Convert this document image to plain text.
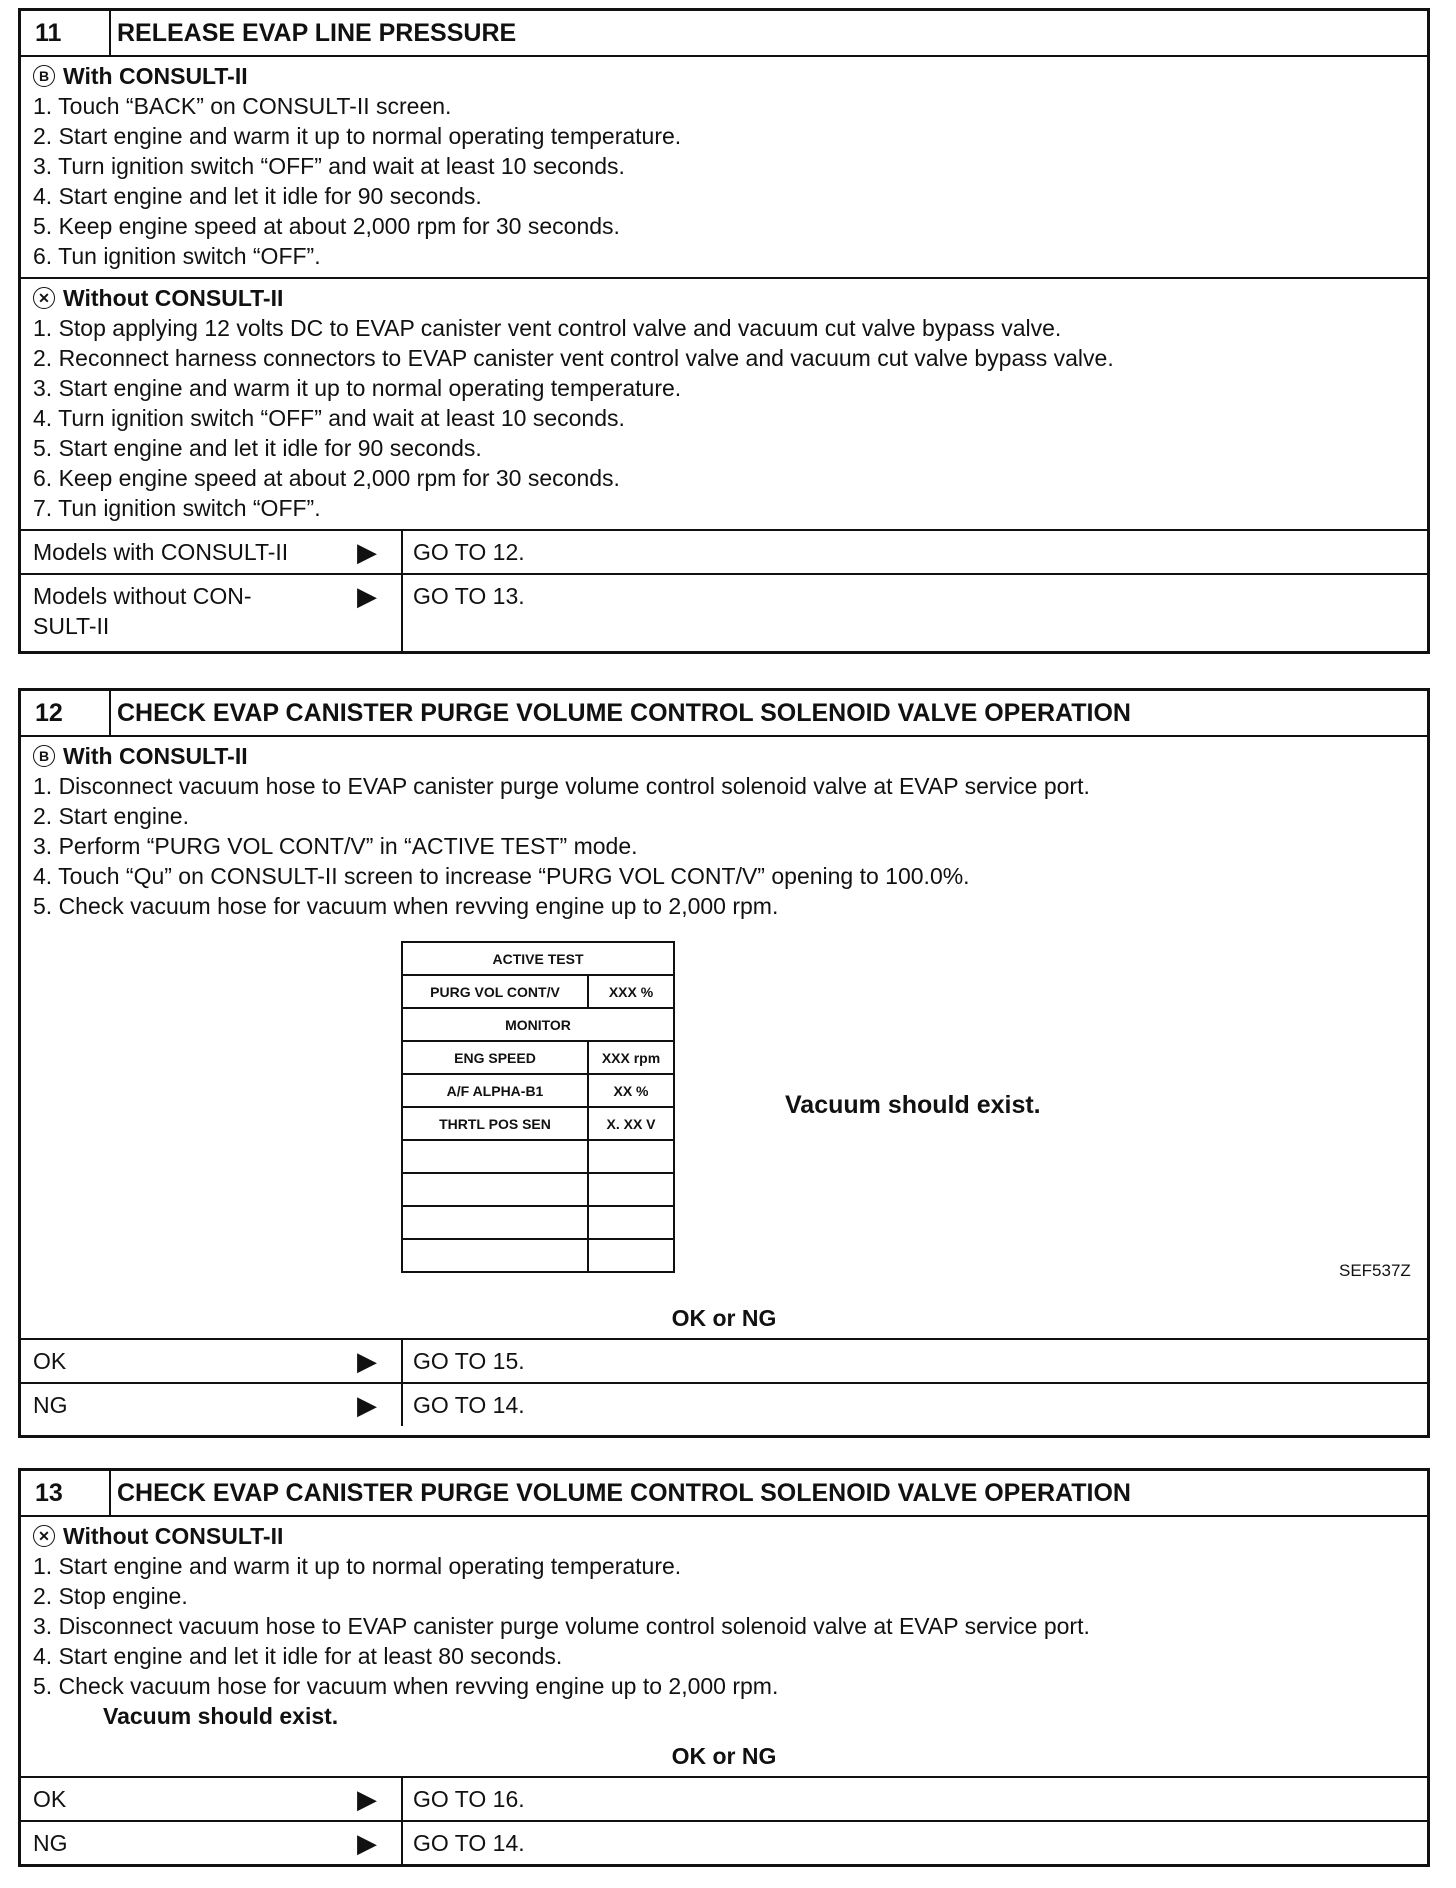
11	RELEASE EVAP LINE PRESSURE
B With CONSULT-II
1. Touch “BACK” on CONSULT-II screen.
2. Start engine and warm it up to normal operating temperature.
3. Turn ignition switch “OFF” and wait at least 10 seconds.
4. Start engine and let it idle for 90 seconds.
5. Keep engine speed at about 2,000 rpm for 30 seconds.
6. Tun ignition switch “OFF”.
✕ Without CONSULT-II
1. Stop applying 12 volts DC to EVAP canister vent control valve and vacuum cut valve bypass valve.
2. Reconnect harness connectors to EVAP canister vent control valve and vacuum cut valve bypass valve.
3. Start engine and warm it up to normal operating temperature.
4. Turn ignition switch “OFF” and wait at least 10 seconds.
5. Start engine and let it idle for 90 seconds.
6. Keep engine speed at about 2,000 rpm for 30 seconds.
7. Tun ignition switch “OFF”.
Models with CONSULT-II	▶	GO TO 12.
Models without CON-
SULT-II
▶	GO TO 13.
12	CHECK EVAP CANISTER PURGE VOLUME CONTROL SOLENOID VALVE OPERATION
B With CONSULT-II
1. Disconnect vacuum hose to EVAP canister purge volume control solenoid valve at EVAP service port.
2. Start engine.
3. Perform “PURG VOL CONT/V” in “ACTIVE TEST” mode.
4. Touch “Qu” on CONSULT-II screen to increase “PURG VOL CONT/V” opening to 100.0%.
5. Check vacuum hose for vacuum when revving engine up to 2,000 rpm.
ACTIVE TEST	
PURG VOL CONT/V	XXX %
MONITOR	
ENG SPEED	XXX rpm
A/F ALPHA-B1	XX %
THRTL POS SEN	X. XX V

Vacuum should exist.
SEF537Z
OK or NG
OK	▶	GO TO 15.
NG	▶	GO TO 14.
13	CHECK EVAP CANISTER PURGE VOLUME CONTROL SOLENOID VALVE OPERATION
✕ Without CONSULT-II
1. Start engine and warm it up to normal operating temperature.
2. Stop engine.
3. Disconnect vacuum hose to EVAP canister purge volume control solenoid valve at EVAP service port.
4. Start engine and let it idle for at least 80 seconds.
5. Check vacuum hose for vacuum when revving engine up to 2,000 rpm.
Vacuum should exist.
OK or NG
OK	▶	GO TO 16.
NG	▶	GO TO 14.
